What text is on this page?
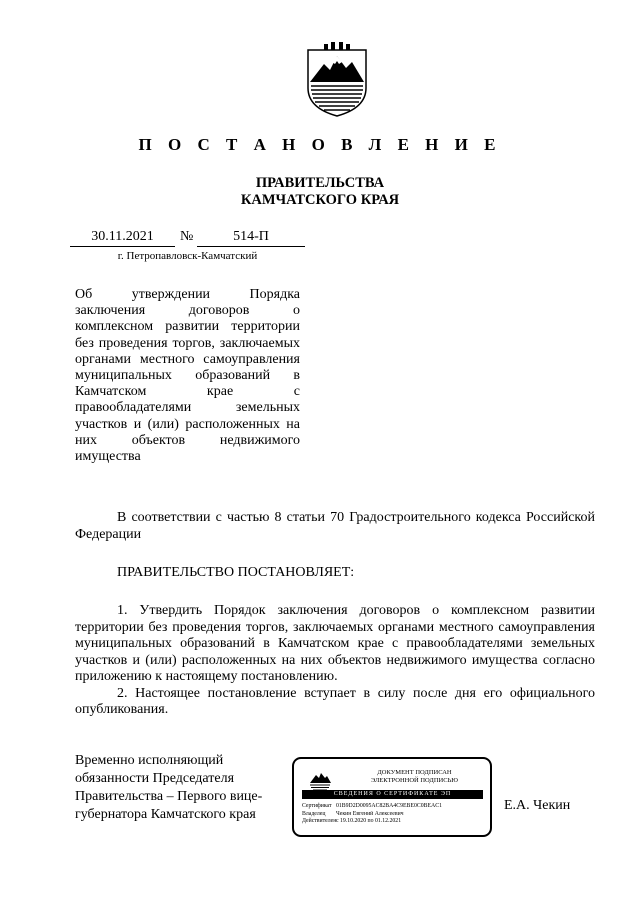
П О С Т А Н О В Л Е Н И Е
ПРАВИТЕЛЬСТВА
КАМЧАТСКОГО КРАЯ
30.11.2021	№	514-П
г. Петропавловск-Камчатский
Об утверждении Порядка заключения договоров о комплексном развитии территории без проведения торгов, заключаемых органами местного самоуправления муниципальных образований в Камчатском крае с правообладателями земельных участков и (или) расположенных на них объектов недвижимого имущества

В соответствии с частью 8 статьи 70 Градостроительного кодекса Российской Федерации

ПРАВИТЕЛЬСТВО ПОСТАНОВЛЯЕТ:

1. Утвердить Порядок заключения договоров о комплексном развитии территории без проведения торгов, заключаемых органами местного самоуправления муниципальных образований в Камчатском крае с правообладателями земельных участков и (или) расположенных на них объектов недвижимого имущества согласно приложению к настоящему постановлению.

2. Настоящее постановление вступает в силу после дня его официального опубликования.

Временно исполняющий
обязанности Председателя
Правительства – Первого вице-
губернатора Камчатского края
ДОКУМЕНТ ПОДПИСАН
ЭЛЕКТРОННОЙ ПОДПИСЬЮ
СВЕДЕНИЯ О СЕРТИФИКАТЕ ЭП
Сертификат 01B9D2D0095AC82BA4C9EBE0C0BEAC1
Владелец	Чекин Евгений Алексеевич
Действителен с 19.10.2020 по 01.12.2021
Е.А. Чекин
